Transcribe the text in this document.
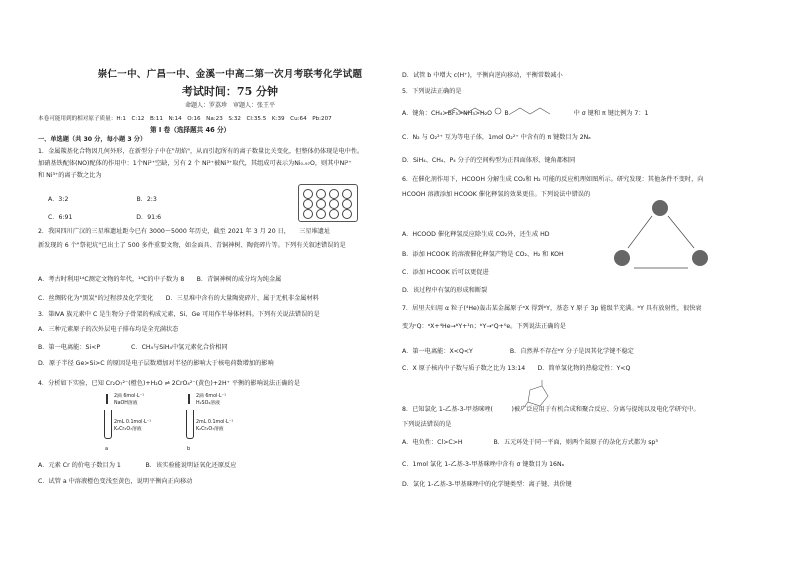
崇仁一中、广昌一中、金溪一中高二第一次月考联考化学试题
考试时间：75 分钟
命题人：罗荔珍　审题人：张王平
本卷可能用到的相对原子质量：H:1　C:12　B:11　N:14　O:16　Na:23　S:32　Cl:35.5　K:39　Cu:64　Pb:207
第 I 卷（选择题共 46 分）
一、单选题（共 30 分，每小题 3 分）
1．金属羰基化合物因几何外形，在新型分子中在"胡焰"，从而引起所有的离子数量比关变化，但整体仍体现是电中性。
加硝基铁配体(NO)配体的作用中：1个Ni²⁺空缺，另有 2 个 Ni²⁺被Ni³⁺取代，其组成可表示为Ni₀.₉₇O，则其中Ni²⁺
和 Ni³⁺的离子数之比为
A．3:2　　　　　　　　　　　B．2:3
C．6:91　　　　　　　　　　 D．91:6
2．我国四川广汉的三星堆遗址距今已有 3000～5000 年历史，截至 2021 年 3 月 20 日，　　三星堆遗址
新发现的 6 个"祭祀坑"已出土了 500 多件重要文物，如金面具、青铜神树、陶瓷碎片等。下列有关叙述错误的是
A．考古时利用¹⁴C测定文物的年代，¹⁴C的中子数为 8　　B．青铜神树的成分均为纯金属
C．丝绸转化为"黑炭"的过程涉及化学变化　　D．三星堆中含有的大量陶瓷碎片，属于无机非金属材料
3．第ⅣA 族元素中 C 是生物分子骨架的构成元素，Si、Ge 可用作半导体材料。下列有关说法错误的是
A．三种元素原子的次外层电子排布均是全充满状态
B．第一电离能：Si<P　　　　　C．CH₄与SiH₄中氢元素化合价相同
D．原子半径 Ge>Si>C 的原因是电子层数增加对半径的影响大于核电荷数增加的影响
4．分析如下实验，已知 Cr₂O₇²⁻(橙色)+H₂O ⇌ 2CrO₄²⁻(黄色)+2H⁺ 平衡的影响说法正确的是
A．元素 Cr 的价电子数目为 1　　　　B．该实验能说明证氧化还原反应
C．试管 a 中溶液橙色变浅至黄色，说明平衡向正向移动
2滴 6mol·L⁻¹ NaOH溶液
2mL 0.1mol·L⁻¹ K₂Cr₂O₇溶液
a
2滴 6mol·L⁻¹ H₂SO₄溶液
2mL 0.1mol·L⁻¹ K₂Cr₂O₇溶液
b
D．试管 b 中增大 c(H⁺)，平衡向逆向移动，平衡常数减小
5．下列说法正确的是
A．键角：CH₄>BF₃>NH₃>H₂O　　B．　　　　　　　　　　中 σ 键和 π 键比例为 7：1
C．N₂ 与 O₂²⁺ 互为等电子体，1mol O₂²⁺ 中含有的 π 键数目为 2Nₐ
D．SiH₄、CH₄、P₄ 分子的空间构型为正四面体形，键角都相同
6．在催化剂作用下，HCOOH 分解生成 CO₂和 H₂ 可能的反应机理如图所示。研究发现：其他条件不变时，向
HCOOH 溶液添加 HCOOK 催化释氢的效果更佳。下列说法中错误的
A．HCOOD 催化释氢反应除生成 CO₂外，还生成 HD
B．添加 HCOOK 的溶液催化释氢产物是 CO₂、H₂ 和 KOH
C．添加 HCOOK 后可以更促进
D．该过程中有氢的形成和断裂
7．居里夫妇用 α 粒子(⁴He)轰击某金属原子ᵃX 得到ᵇY，基态 Y 原子 3p 能级半充满。ᵇY 具有放射性，很快衰
变为ᶜQ：ᵃX+⁴He→ᵇY+¹n；ᵇY→ᶜQ+⁰e。下列说法正确的是
A．第一电离能：X<Q<Y　　　　　　B．自然界不存在ᵇY 分子是因其化学键不稳定
C．X 原子核内中子数与质子数之比为 13:14　　D．简单氢化物的热稳定性：Y<Q
8．已知氯化 1-乙基-3-甲基咪唑(　　　)被广泛应用于有机合成和聚合反应、分离与提纯以及电化学研究中。
下列说法错误的是
A．电负性：Cl>C>H　　　　　B．五元环处于同一平面，则两个氮原子的杂化方式都为 sp³
C．1mol 氯化 1-乙基-3-甲基咪唑中含有 σ 键数目为 16Nₐ
D．氯化 1-乙基-3-甲基咪唑中的化学键类型：离子键、共价键
